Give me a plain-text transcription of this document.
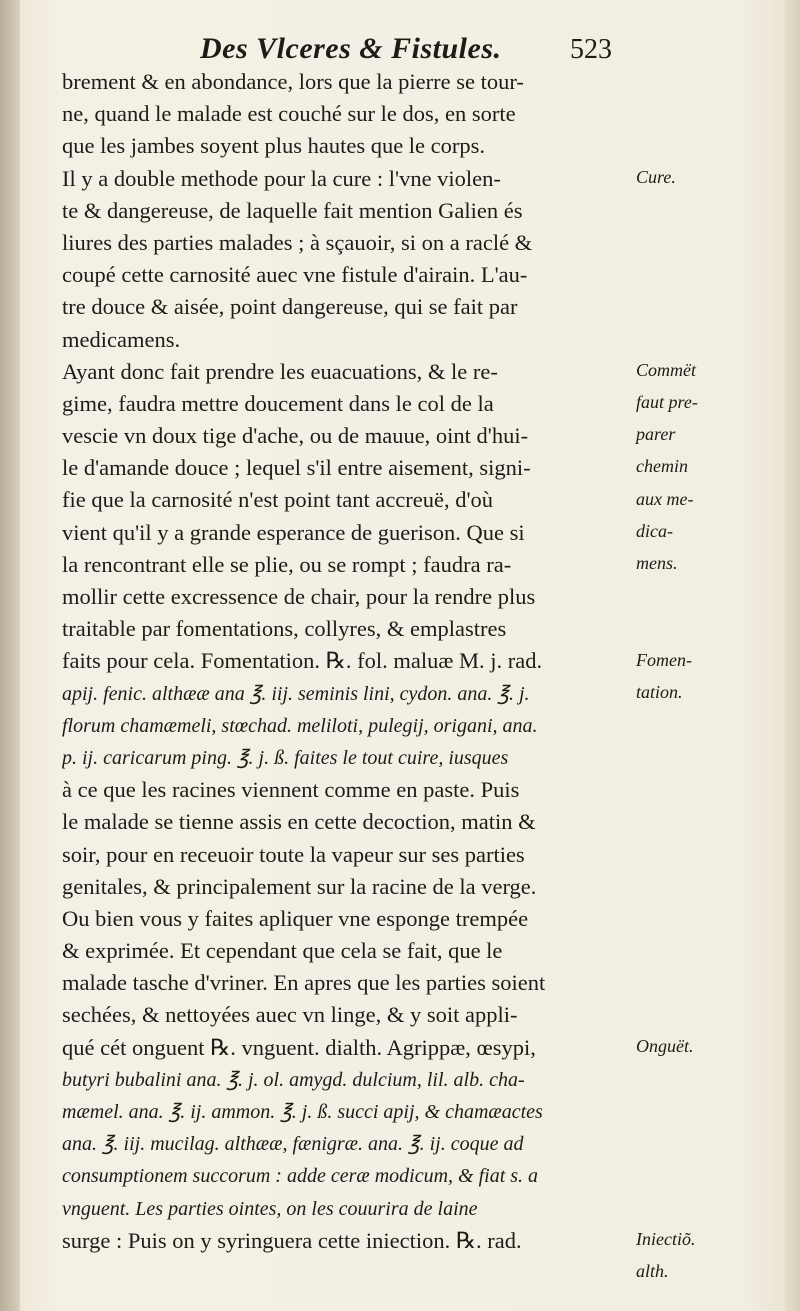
Des Vlceres & Fistules. 523
brement & en abondance, lors que la pierre se tour-
ne, quand le malade est couché sur le dos, en sorte
que les jambes soyent plus hautes que le corps.
Il y a double methode pour la cure : l'vne violen-
te & dangereuse, de laquelle fait mention Galien és
liures des parties malades ; à sçauoir, si on a raclé &
coupé cette carnosité auec vne fistule d'airain. L'au-
tre douce & aisée, point dangereuse, qui se fait par
medicamens.
Ayant donc fait prendre les euacuations, & le re-
gime, faudra mettre doucement dans le col de la
vescie vn doux tige d'ache, ou de mauue, oint d'hui-
le d'amande douce ; lequel s'il entre aisement, signi-
fie que la carnosité n'est point tant accreuë, d'où
vient qu'il y a grande esperance de guerison. Que si
la rencontrant elle se plie, ou se rompt ; faudra ra-
mollir cette excressence de chair, pour la rendre plus
traitable par fomentations, collyres, & emplastres
faits pour cela. Fomentation. ℞. fol. maluæ M. j. rad.
apij. fenic. althææ ana ℥. iij. seminis lini, cydon. ana. ℥. j.
florum chamæmeli, stœchad. meliloti, pulegij, origani, ana.
p. ij. caricarum ping. ℥. j. ß. faites le tout cuire, iusques
à ce que les racines viennent comme en paste. Puis
le malade se tienne assis en cette decoction, matin &
soir, pour en receuoir toute la vapeur sur ses parties
genitales, & principalement sur la racine de la verge.
Ou bien vous y faites apliquer vne esponge trempée
& exprimée. Et cependant que cela se fait, que le
malade tasche d'vriner. En apres que les parties soient
sechées, & nettoyées auec vn linge, & y soit appli-
qué cét onguent ℞. vnguent. dialth. Agrippæ, œsypi,
butyri bubalini ana. ℥. j. ol. amygd. dulcium, lil. alb. cha-
mæmel. ana. ℥. ij. ammon. ℥. j. ß. succi apij, & chamæactes
ana. ℥. iij. mucilag. althææ, fænigræ. ana. ℥. ij. coque ad
consumptionem succorum : adde ceræ modicum, & fiat s. a
vnguent. Les parties ointes, on les couurira de laine
surge : Puis on y syringuera cette iniection. ℞. rad.
Cure.
Commët
faut pre-
parer
chemin
aux me-
dica-
mens.
Fomen-
tation.
Onguët.
Iniectiõ.
alth.
